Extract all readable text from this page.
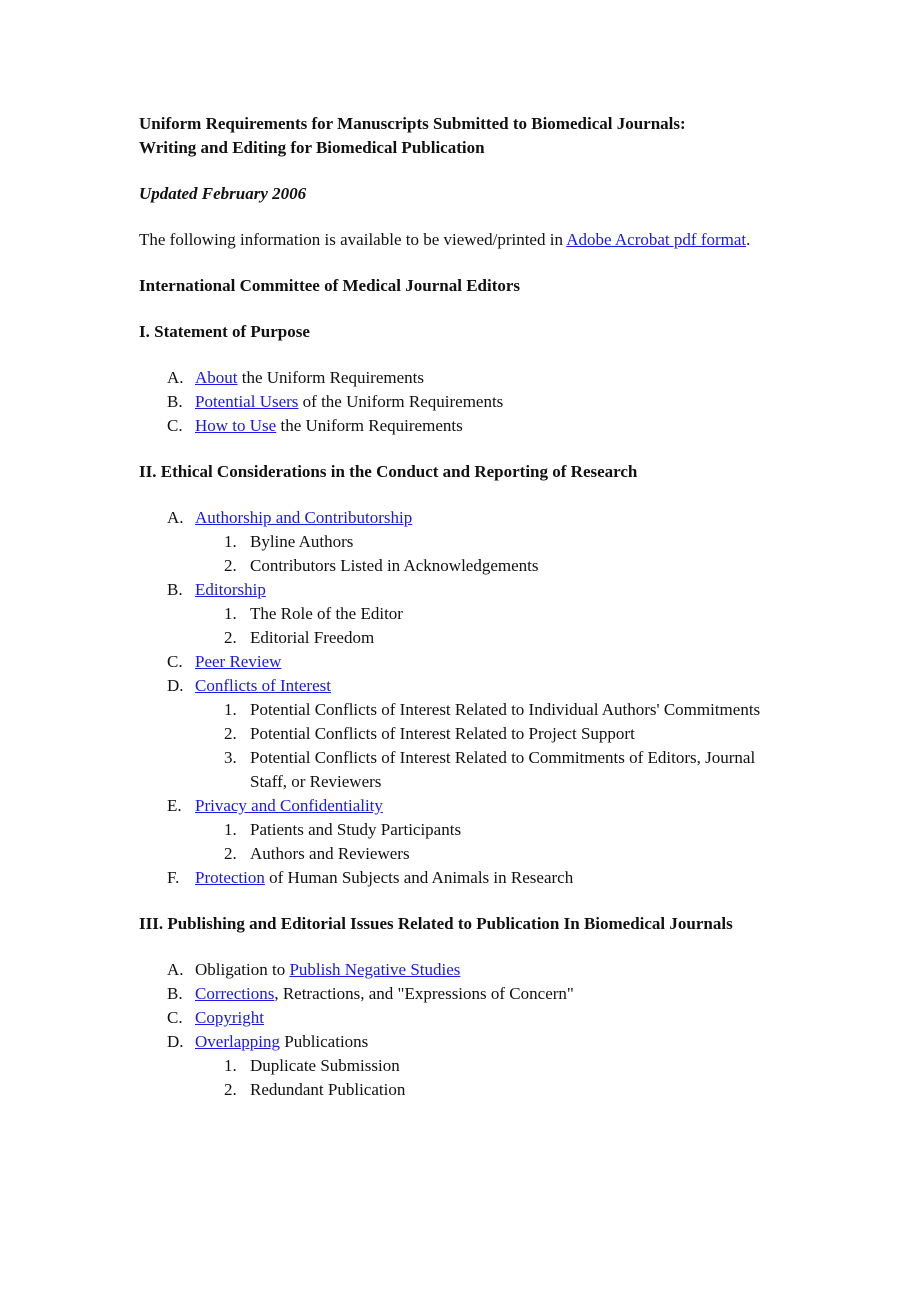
Uniform Requirements for Manuscripts Submitted to Biomedical Journals:
Writing and Editing for Biomedical Publication

Updated February 2006

The following information is available to be viewed/printed in Adobe Acrobat pdf format.

International Committee of Medical Journal Editors

I. Statement of Purpose

A. About the Uniform Requirements
B. Potential Users of the Uniform Requirements
C. How to Use the Uniform Requirements

II. Ethical Considerations in the Conduct and Reporting of Research

A. Authorship and Contributorship
1. Byline Authors
2. Contributors Listed in Acknowledgements
B. Editorship
1. The Role of the Editor
2. Editorial Freedom
C. Peer Review
D. Conflicts of Interest
1. Potential Conflicts of Interest Related to Individual Authors' Commitments
2. Potential Conflicts of Interest Related to Project Support
3. Potential Conflicts of Interest Related to Commitments of Editors, Journal Staff, or Reviewers
E. Privacy and Confidentiality
1. Patients and Study Participants
2. Authors and Reviewers
F. Protection of Human Subjects and Animals in Research

III. Publishing and Editorial Issues Related to Publication In Biomedical Journals

A. Obligation to Publish Negative Studies
B. Corrections, Retractions, and "Expressions of Concern"
C. Copyright
D. Overlapping Publications
1. Duplicate Submission
2. Redundant Publication
